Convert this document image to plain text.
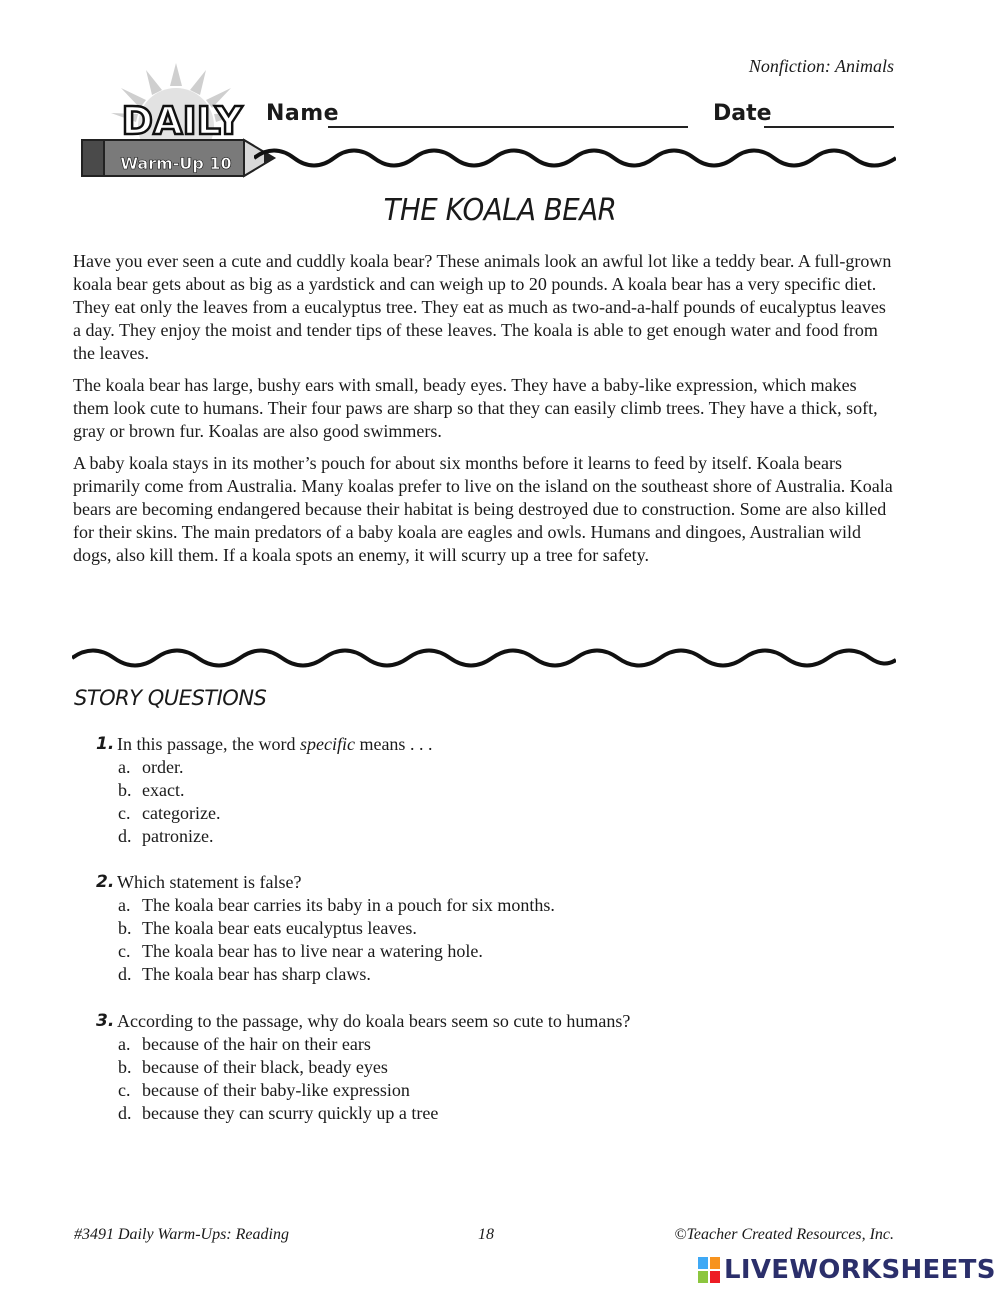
Nonfiction: Animals
DAILY
Warm-Up 10
Name	Date
THE KOALA BEAR

Have you ever seen a cute and cuddly koala bear? These animals look an awful lot like a teddy bear. A full-grown koala bear gets about as big as a yardstick and can weigh up to 20 pounds. A koala bear has a very specific diet. They eat only the leaves from a eucalyptus tree. They eat as much as two-and-a-half pounds of eucalyptus leaves a day. They enjoy the moist and tender tips of these leaves. The koala is able to get enough water and food from the leaves.

The koala bear has large, bushy ears with small, beady eyes. They have a baby-like expression, which makes them look cute to humans. Their four paws are sharp so that they can easily climb trees. They have a thick, soft, gray or brown fur. Koalas are also good swimmers.

A baby koala stays in its mother’s pouch for about six months before it learns to feed by itself. Koala bears primarily come from Australia. Many koalas prefer to live on the island on the southeast shore of Australia. Koala bears are becoming endangered because their habitat is being destroyed due to construction. Some are also killed for their skins. The main predators of a baby koala are eagles and owls. Humans and dingoes, Australian wild dogs, also kill them. If a koala spots an enemy, it will scurry up a tree for safety.

STORY QUESTIONS
1. In this passage, the word specific means . . .
a. order.
b. exact.
c. categorize.
d. patronize.
2. Which statement is false?
a. The koala bear carries its baby in a pouch for six months.
b. The koala bear eats eucalyptus leaves.
c. The koala bear has to live near a watering hole.
d. The koala bear has sharp claws.
3. According to the passage, why do koala bears seem so cute to humans?
a. because of the hair on their ears
b. because of their black, beady eyes
c. because of their baby-like expression
d. because they can scurry quickly up a tree
#3491 Daily Warm-Ups: Reading	18	©Teacher Created Resources, Inc.
LIVEWORKSHEETS
